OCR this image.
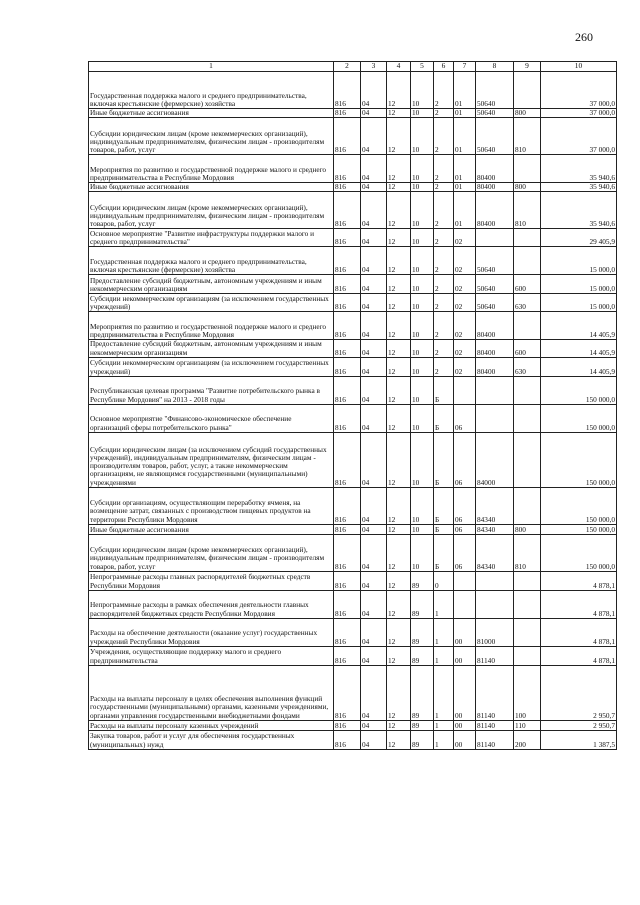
260
1	2	3	4	5	6	7	8	9	10
Государственная поддержка малого и среднего предпринимательства, включая крестьянские (фермерские) хозяйства	816	04	12	10	2	01	50640		37 000,0
Иные бюджетные ассигнования	816	04	12	10	2	01	50640	800	37 000,0
Субсидии юридическим лицам (кроме некоммерческих организаций), индивидуальным предпринимателям, физическим лицам - производителям товаров, работ, услуг	816	04	12	10	2	01	50640	810	37 000,0
Мероприятия по развитию и государственной поддержке малого и среднего предпринимательства в Республике Мордовия	816	04	12	10	2	01	80400		35 940,6
Иные бюджетные ассигнования	816	04	12	10	2	01	80400	800	35 940,6
Субсидии юридическим лицам (кроме некоммерческих организаций), индивидуальным предпринимателям, физическим лицам - производителям товаров, работ, услуг	816	04	12	10	2	01	80400	810	35 940,6
Основное мероприятие "Развитие инфраструктуры поддержки малого и среднего предпринимательства"	816	04	12	10	2	02			29 405,9
Государственная поддержка малого и среднего предпринимательства, включая крестьянские (фермерские) хозяйства	816	04	12	10	2	02	50640		15 000,0
Предоставление субсидий бюджетным, автономным учреждениям и иным некоммерческим организациям	816	04	12	10	2	02	50640	600	15 000,0
Субсидии некоммерческим организациям (за исключением государственных учреждений)	816	04	12	10	2	02	50640	630	15 000,0
Мероприятия по развитию и государственной поддержке малого и среднего предпринимательства в Республике Мордовия	816	04	12	10	2	02	80400		14 405,9
Предоставление субсидий бюджетным, автономным учреждениям и иным некоммерческим организациям	816	04	12	10	2	02	80400	600	14 405,9
Субсидии некоммерческим организациям (за исключением государственных учреждений)	816	04	12	10	2	02	80400	630	14 405,9
Республиканская целевая программа "Развитие потребительского рынка в Республике Мордовия" на 2013 - 2018 годы	816	04	12	10	Б				150 000,0
Основное мероприятие "Финансово-экономическое обеспечение организаций сферы потребительского рынка"	816	04	12	10	Б	06			150 000,0
Субсидии юридическим лицам (за исключением субсидий государственных учреждений), индивидуальным предпринимателям, физическим лицам - производителям товаров, работ, услуг, а также некоммерческим организациям, не являющимся государственными (муниципальными) учреждениями	816	04	12	10	Б	06	84000		150 000,0
Субсидии организациям, осуществляющим переработку ячменя, на возмещение затрат, связанных с производством пищевых продуктов на территории Республики Мордовия	816	04	12	10	Б	06	84340		150 000,0
Иные бюджетные ассигнования	816	04	12	10	Б	06	84340	800	150 000,0
Субсидии юридическим лицам (кроме некоммерческих организаций), индивидуальным предпринимателям, физическим лицам - производителям товаров, работ, услуг	816	04	12	10	Б	06	84340	810	150 000,0
Непрограммные расходы главных распорядителей бюджетных средств Республики Мордовия	816	04	12	89	0				4 878,1
Непрограммные расходы в рамках обеспечения деятельности главных распорядителей бюджетных средств Республики Мордовия	816	04	12	89	1				4 878,1
Расходы на обеспечение деятельности (оказание услуг) государственных учреждений Республики Мордовия	816	04	12	89	1	00	81000		4 878,1
Учреждения, осуществляющие поддержку малого и среднего предпринимательства	816	04	12	89	1	00	81140		4 878,1
Расходы на выплаты персоналу в целях обеспечения выполнения функций государственными (муниципальными) органами, казенными учреждениями, органами управления государственными внебюджетными фондами	816	04	12	89	1	00	81140	100	2 950,7
Расходы на выплаты персоналу казенных учреждений	816	04	12	89	1	00	81140	110	2 950,7
Закупка товаров, работ и услуг для обеспечения государственных (муниципальных) нужд	816	04	12	89	1	00	81140	200	1 387,5
